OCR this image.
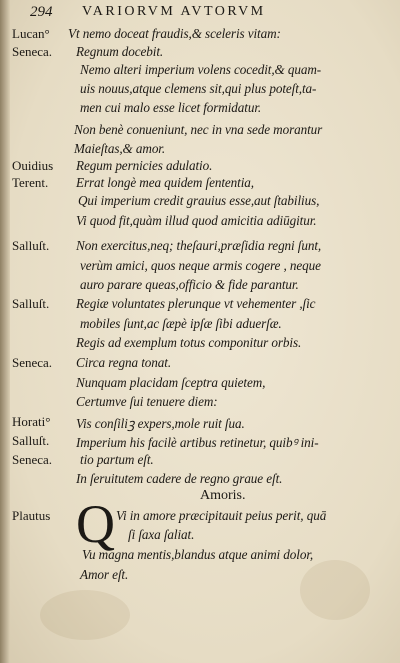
294 VARIORVM AVTORVM
Lucan° Vt nemo doceat fraudis,& sceleris vitam:
Seneca. Regnum docebit.
Nemo alteri imperium volens cocedit,& quam-
uis nouus,atque clemens sit,qui plus poteſt,ta-
men cui malo esse licet formidatur.
Non benè conueniunt, nec in vna sede morantur
Maieſtas,& amor.
Ouidius Regum pernicies adulatio.
Terent. Errat longè mea quidem ſententia,
Qui imperium credit grauius esse,aut ſtabilius,
Vi quod fit,quàm illud quod amicitia adiūgitur.
Salluſt. Non exercitus,neq; theſauri,præſidia regni ſunt,
verùm amici, quos neque armis cogere , neque
auro parare queas,officio & fide parantur.
Salluſt. Regiæ voluntates plerunque vt vehementer ,ſic
mobiles ſunt,ac ſæpè ipſæ ſibi aduerſæ.
Regis ad exemplum totus componitur orbis.
Seneca. Circa regna tonat.
Nunquam placidam ſceptra quietem,
Certumve ſui tenuere diem:
Horati° Vis conſiliꝫ expers,mole ruit ſua.
Salluſt. Imperium his facilè artibus retinetur, quibꝰ ini-
Seneca. tio partum eſt.
In ſeruitutem cadere de regno graue eſt.
Amoris.
Q
Plautus	Vi in amore præcipitauit peius perit, quā
ſi ſaxa ſaliat.
Vu magna mentis,blandus atque animi dolor,
Amor eſt.
